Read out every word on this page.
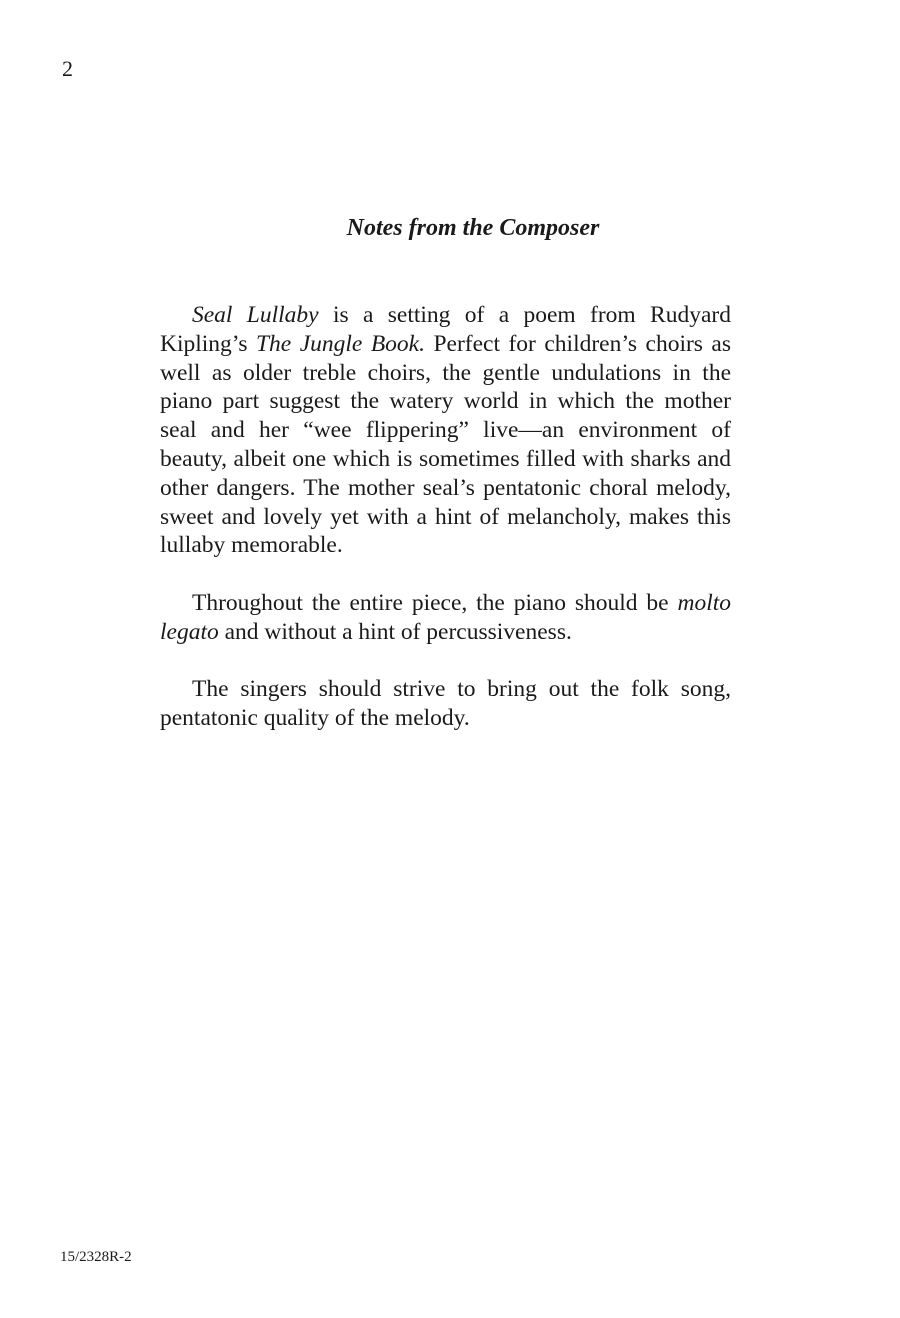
2
Notes from the Composer

Seal Lullaby is a setting of a poem from Rudyard Kipling’s The Jungle Book. Perfect for children’s choirs as well as older treble choirs, the gentle undulations in the piano part suggest the watery world in which the mother seal and her “wee flippering” live—an environment of beauty, albeit one which is sometimes filled with sharks and other dangers. The mother seal’s pentatonic choral melody, sweet and lovely yet with a hint of melancholy, makes this lullaby memorable.

Throughout the entire piece, the piano should be molto legato and without a hint of percussiveness.

The singers should strive to bring out the folk song, pentatonic quality of the melody.

15/2328R-2
